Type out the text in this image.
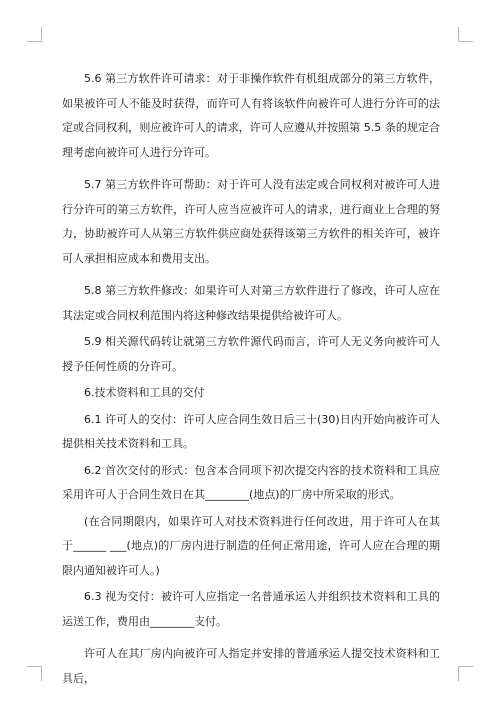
5.6 第三方软件许可请求：对于非操作软件有机组成部分的第三方软件，如果被许可人不能及时获得，而许可人有将该软件向被许可人进行分许可的法定或合同权利，则应被许可人的请求，许可人应遵从并按照第 5.5 条的规定合理考虑向被许可人进行分许可。

5.7 第三方软件许可帮助：对于许可人没有法定或合同权利对被许可人进行分许可的第三方软件，许可人应当应被许可人的请求，进行商业上合理的努力，协助被许可人从第三方软件供应商处获得该第三方软件的相关许可，被许可人承担相应成本和费用支出。

5.8 第三方软件修改：如果许可人对第三方软件进行了修改，许可人应在其法定或合同权利范围内将这种修改结果提供给被许可人。

5.9 相关源代码转让就第三方软件源代码而言，许可人无义务向被许可人授予任何性质的分许可。

6.技术资料和工具的交付

6.1 许可人的交付：许可人应合同生效日后三十(30)日内开始向被许可人提供相关技术资料和工具。

6.2 首次交付的形式：包含本合同项下初次提交内容的技术资料和工具应采用许可人于合同生效日在其________(地点)的厂房中所采取的形式。

(在合同期限内，如果许可人对技术资料进行任何改进，用于许可人在其于______ ___(地点)的厂房内进行制造的任何正常用途，许可人应在合理的期限内通知被许可人。)

6.3 视为交付：被许可人应指定一名普通承运人并组织技术资料和工具的运送工作，费用由________支付。

许可人在其厂房内向被许可人指定并安排的普通承运人提交技术资料和工具后，
